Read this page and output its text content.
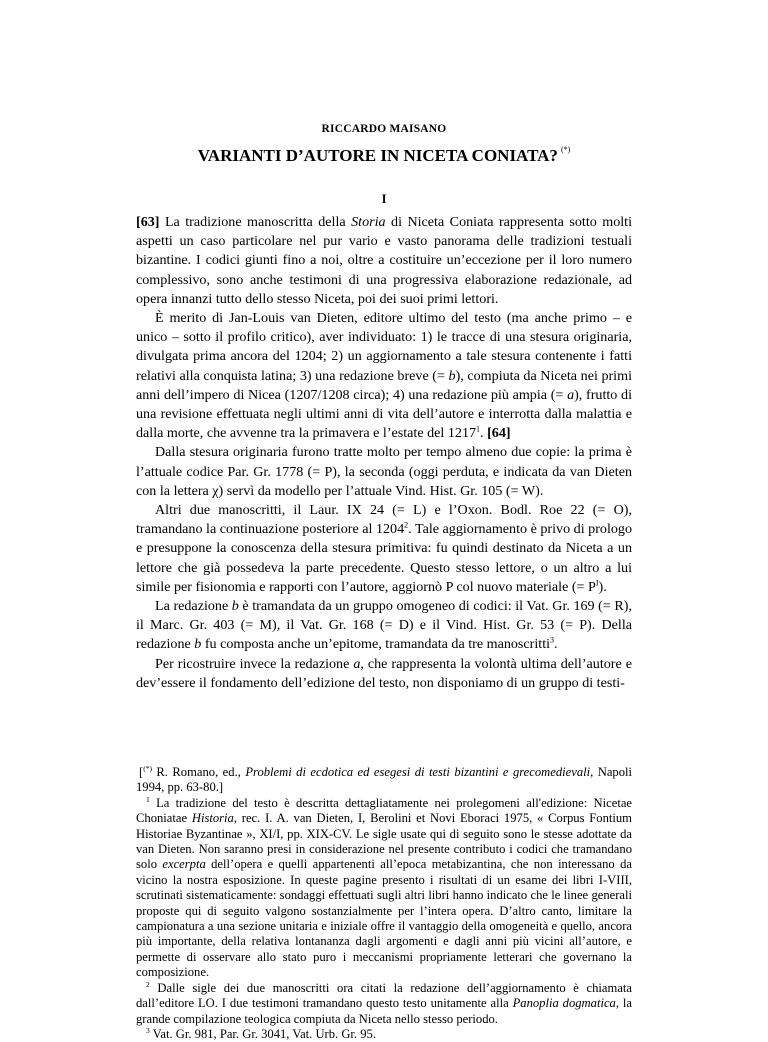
RICCARDO MAISANO
VARIANTI D’AUTORE IN NICETA CONIATA? (*)
I

[63] La tradizione manoscritta della Storia di Niceta Coniata rappresenta sotto molti aspetti un caso particolare nel pur vario e vasto panorama delle tradizioni testuali bizantine. I codici giunti fino a noi, oltre a costituire un’eccezione per il loro numero complessivo, sono anche testimoni di una progressiva elaborazione redazionale, ad opera innanzi tutto dello stesso Niceta, poi dei suoi primi lettori.

È merito di Jan-Louis van Dieten, editore ultimo del testo (ma anche primo – e unico – sotto il profilo critico), aver individuato: 1) le tracce di una stesura originaria, divulgata prima ancora del 1204; 2) un aggiornamento a tale stesura contenente i fatti relativi alla conquista latina; 3) una redazione breve (= b), compiuta da Niceta nei primi anni dell’impero di Nicea (1207/1208 circa); 4) una redazione più ampia (= a), frutto di una revisione effettuata negli ultimi anni di vita dell’autore e interrotta dalla malattia e dalla morte, che avvenne tra la primavera e l’estate del 1217$^1$. [64]

Dalla stesura originaria furono tratte molto per tempo almeno due copie: la prima è l’attuale codice Par. Gr. 1778 (= P), la seconda (oggi perduta, e indicata da van Dieten con la lettera χ) servì da modello per l’attuale Vind. Hist. Gr. 105 (= W).

Altri due manoscritti, il Laur. IX 24 (= L) e l’Oxon. Bodl. Roe 22 (= O), tramandano la continuazione posteriore al 1204$^2$. Tale aggiornamento è privo di prologo e presuppone la conoscenza della stesura primitiva: fu quindi destinato da Niceta a un lettore che già possedeva la parte precedente. Questo stesso lettore, o un altro a lui simile per fisionomia e rapporti con l’autore, aggiornò P col nuovo materiale (= $P^I$).

La redazione b è tramandata da un gruppo omogeneo di codici: il Vat. Gr. 169 (= R), il Marc. Gr. 403 (= M), il Vat. Gr. 168 (= D) e il Vind. Hist. Gr. 53 (= P). Della redazione b fu composta anche un’epitome, tramandata da tre manoscritti$^3$.

Per ricostruire invece la redazione a, che rappresenta la volontà ultima dell’autore e dev’essere il fondamento dell’edizione del testo, non disponiamo di un gruppo di testi-

[(*) R. Romano, ed., Problemi di ecdotica ed esegesi di testi bizantini e grecomedievali, Napoli 1994, pp. 63-80.]

$^1$ La tradizione del testo è descritta dettagliatamente nei prolegomeni all'edizione: Nicetae Choniatae Historia, rec. I. A. van Dieten, I, Berolini et Novi Eboraci 1975, « Corpus Fontium Historiae Byzantinae », XI/I, pp. XIX-CV. Le sigle usate qui di seguito sono le stesse adottate da van Dieten. Non saranno presi in considerazione nel presente contributo i codici che tramandano solo excerpta dell’opera e quelli appartenenti all’epoca metabizantina, che non interessano da vicino la nostra esposizione. In queste pagine presento i risultati di un esame dei libri I-VIII, scrutinati sistematicamente: sondaggi effettuati sugli altri libri hanno indicato che le linee generali proposte qui di seguito valgono sostanzialmente per l’intera opera. D’altro canto, limitare la campionatura a una sezione unitaria e iniziale offre il vantaggio della omogeneità e quello, ancora più importante, della relativa lontananza dagli argomenti e dagli anni più vicini all’autore, e permette di osservare allo stato puro i meccanismi propriamente letterari che governano la composizione.

$^2$ Dalle sigle dei due manoscritti ora citati la redazione dell’aggiornamento è chiamata dall’editore LO. I due testimoni tramandano questo testo unitamente alla Panoplia dogmatica, la grande compilazione teologica compiuta da Niceta nello stesso periodo.

$^3$ Vat. Gr. 981, Par. Gr. 3041, Vat. Urb. Gr. 95.
